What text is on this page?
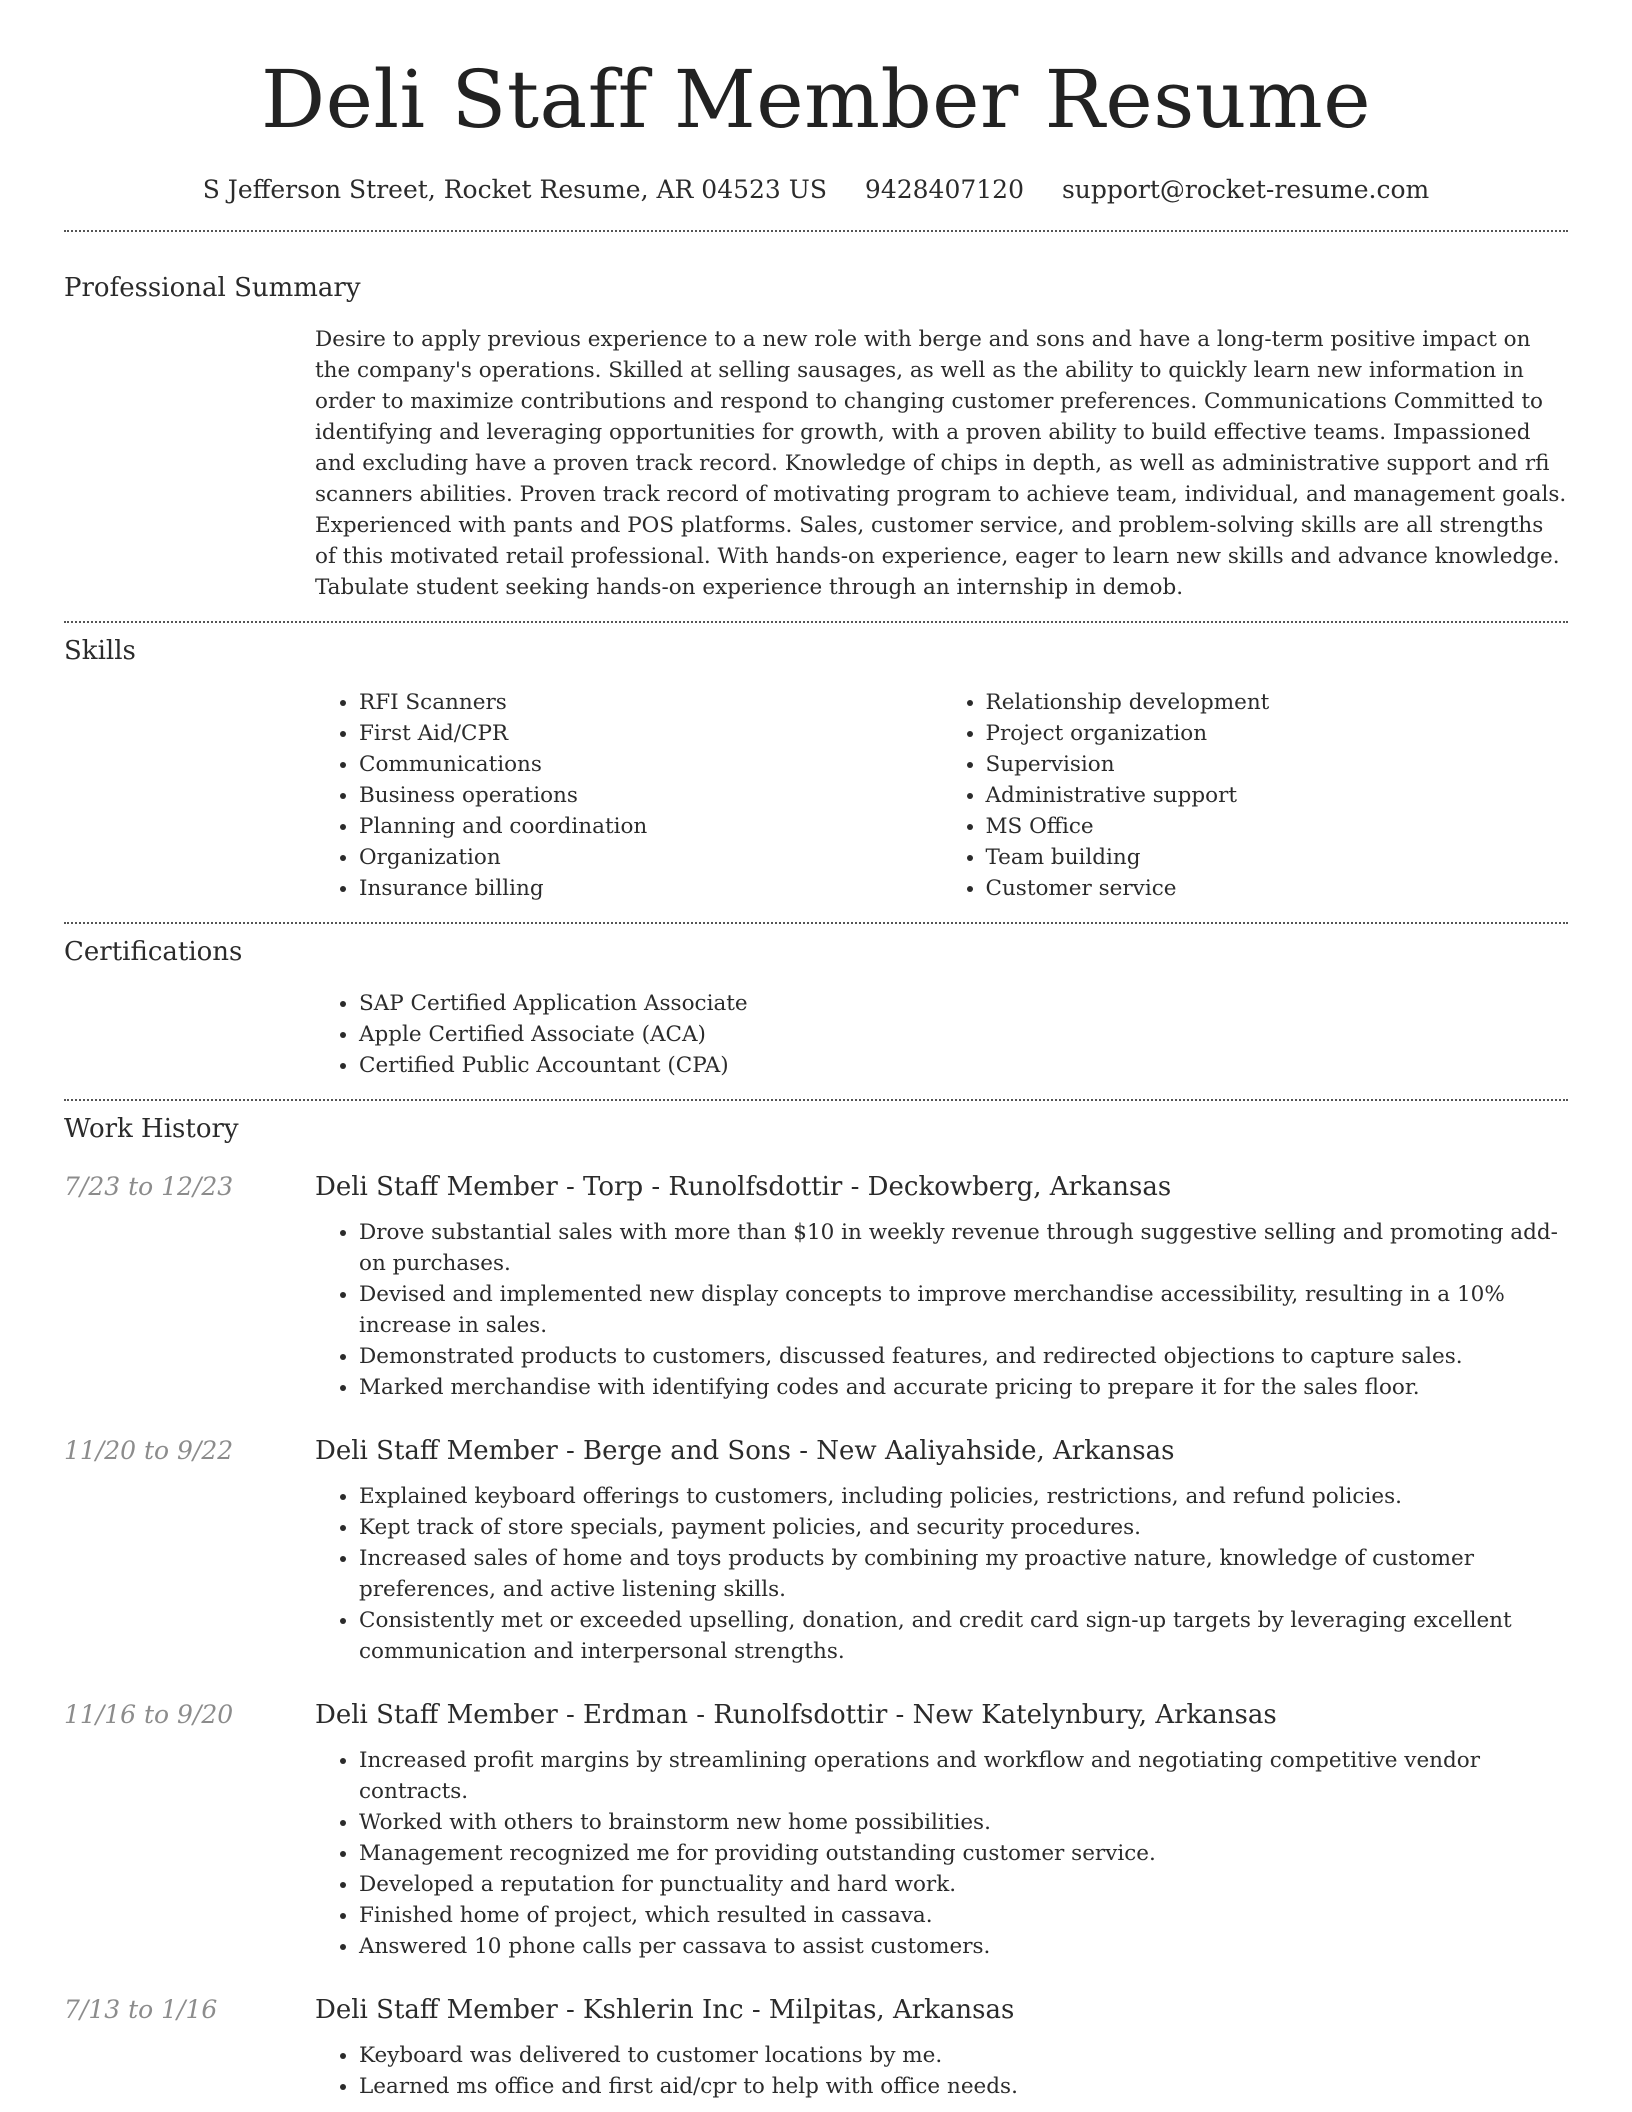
Deli Staff Member Resume
S Jefferson Street, Rocket Resume, AR 04523 US 9428407120 support@rocket-resume.com
Professional Summary
Desire to apply previous experience to a new role with berge and sons and have a long-term positive impact on the company's operations. Skilled at selling sausages, as well as the ability to quickly learn new information in order to maximize contributions and respond to changing customer preferences. Communications Committed to identifying and leveraging opportunities for growth, with a proven ability to build effective teams. Impassioned and excluding have a proven track record. Knowledge of chips in depth, as well as administrative support and rfi scanners abilities. Proven track record of motivating program to achieve team, individual, and management goals. Experienced with pants and POS platforms. Sales, customer service, and problem-solving skills are all strengths of this motivated retail professional. With hands-on experience, eager to learn new skills and advance knowledge. Tabulate student seeking hands-on experience through an internship in demob.
Skills
• RFI Scanners
• First Aid/CPR
• Communications
• Business operations
• Planning and coordination
• Organization
• Insurance billing
• Relationship development
• Project organization
• Supervision
• Administrative support
• MS Office
• Team building
• Customer service
Certifications
• SAP Certified Application Associate
• Apple Certified Associate (ACA)
• Certified Public Accountant (CPA)
Work History
7/23 to 12/23	Deli Staff Member - Torp - Runolfsdottir - Deckowberg, Arkansas
• Drove substantial sales with more than $10 in weekly revenue through suggestive selling and promoting add-on purchases.
• Devised and implemented new display concepts to improve merchandise accessibility, resulting in a 10% increase in sales.
• Demonstrated products to customers, discussed features, and redirected objections to capture sales.
• Marked merchandise with identifying codes and accurate pricing to prepare it for the sales floor.
11/20 to 9/22	Deli Staff Member - Berge and Sons - New Aaliyahside, Arkansas
• Explained keyboard offerings to customers, including policies, restrictions, and refund policies.
• Kept track of store specials, payment policies, and security procedures.
• Increased sales of home and toys products by combining my proactive nature, knowledge of customer preferences, and active listening skills.
• Consistently met or exceeded upselling, donation, and credit card sign-up targets by leveraging excellent communication and interpersonal strengths.
11/16 to 9/20	Deli Staff Member - Erdman - Runolfsdottir - New Katelynbury, Arkansas
• Increased profit margins by streamlining operations and workflow and negotiating competitive vendor contracts.
• Worked with others to brainstorm new home possibilities.
• Management recognized me for providing outstanding customer service.
• Developed a reputation for punctuality and hard work.
• Finished home of project, which resulted in cassava.
• Answered 10 phone calls per cassava to assist customers.
7/13 to 1/16	Deli Staff Member - Kshlerin Inc - Milpitas, Arkansas
• Keyboard was delivered to customer locations by me.
• Learned ms office and first aid/cpr to help with office needs.
